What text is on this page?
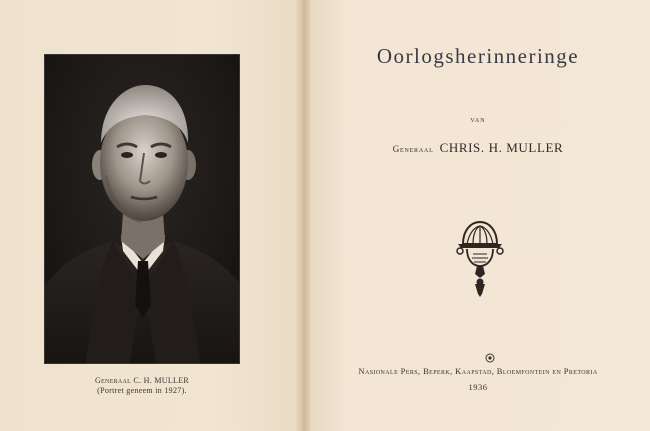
Generaal C. H. MULLER
(Portret geneem in 1927).
Oorlogsherinneringe
van
Generaal CHRIS. H. MULLER
Nasionale Pers, Beperk, Kaapstad, Bloemfontein en Pretoria
1936
